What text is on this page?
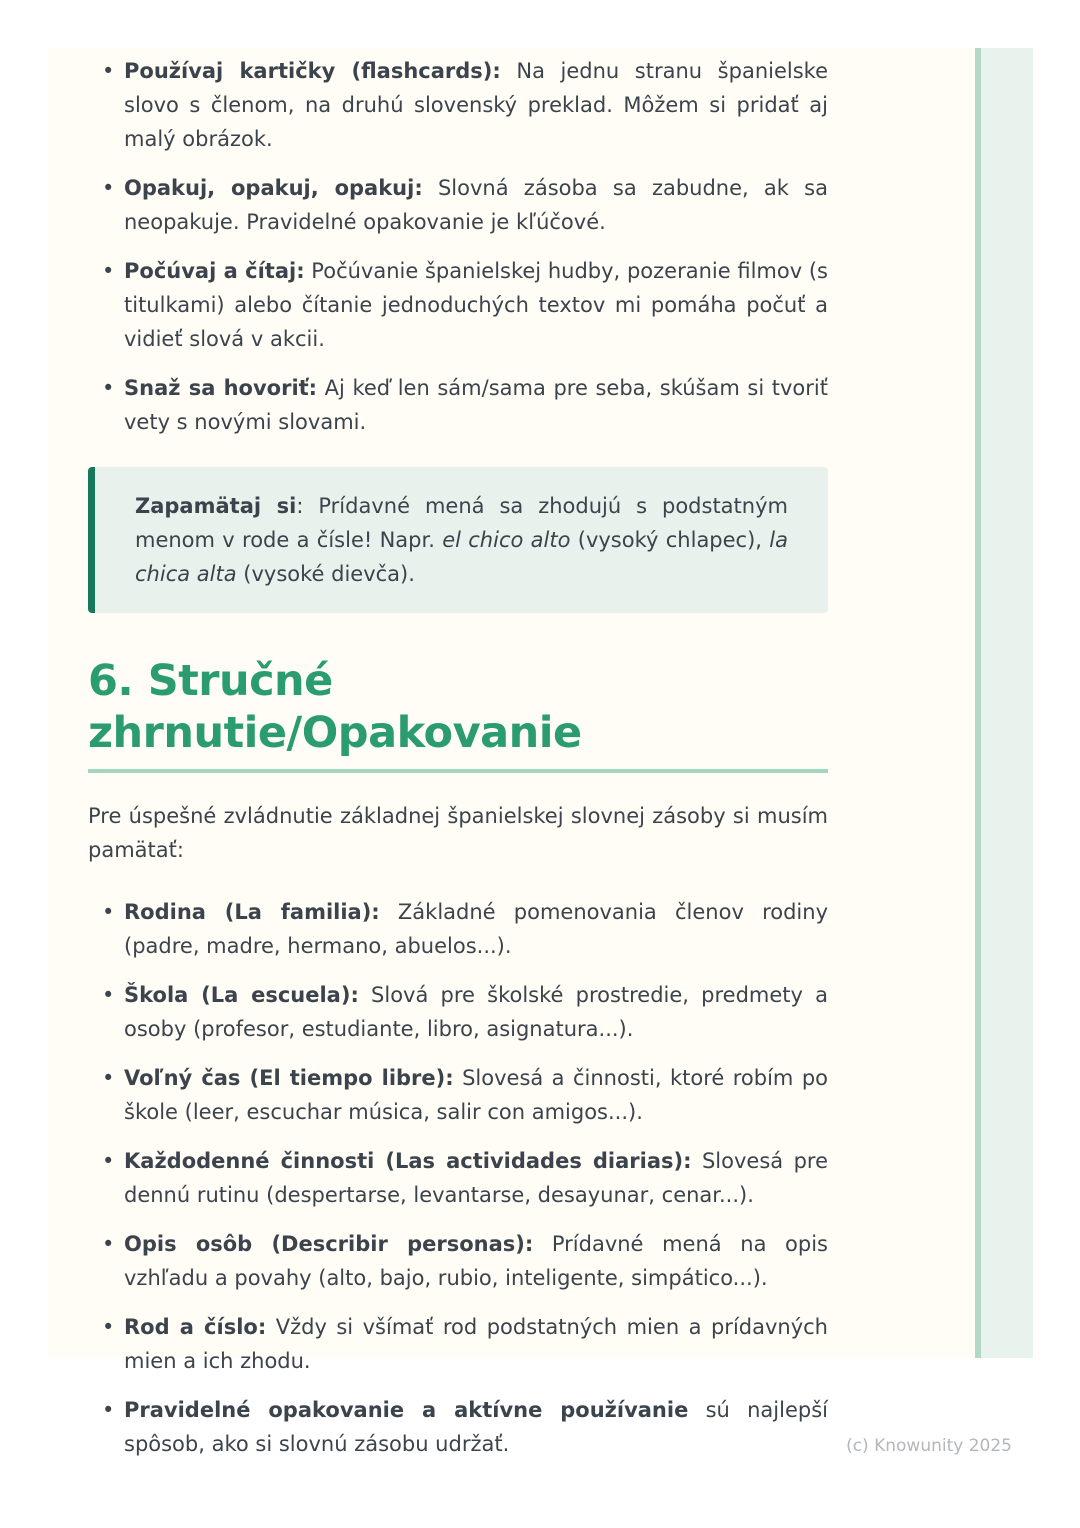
• Používaj kartičky (flashcards): Na jednu stranu španielske slovo s členom, na druhú slovenský preklad. Môžem si pridať aj malý obrázok.
• Opakuj, opakuj, opakuj: Slovná zásoba sa zabudne, ak sa neopakuje. Pravidelné opakovanie je kľúčové.
• Počúvaj a čítaj: Počúvanie španielskej hudby, pozeranie filmov (s titulkami) alebo čítanie jednoduchých textov mi pomáha počuť a vidieť slová v akcii.
• Snaž sa hovoriť: Aj keď len sám/sama pre seba, skúšam si tvoriť vety s novými slovami.

Zapamätaj si: Prídavné mená sa zhodujú s podstatným menom v rode a čísle! Napr. el chico alto (vysoký chlapec), la chica alta (vysoké dievča).

6. Stručné zhrnutie/Opakovanie

Pre úspešné zvládnutie základnej španielskej slovnej zásoby si musím pamätať:

• Rodina (La familia): Základné pomenovania členov rodiny (padre, madre, hermano, abuelos...).
• Škola (La escuela): Slová pre školské prostredie, predmety a osoby (profesor, estudiante, libro, asignatura...).
• Voľný čas (El tiempo libre): Slovesá a činnosti, ktoré robím po škole (leer, escuchar música, salir con amigos...).
• Každodenné činnosti (Las actividades diarias): Slovesá pre dennú rutinu (despertarse, levantarse, desayunar, cenar...).
• Opis osôb (Describir personas): Prídavné mená na opis vzhľadu a povahy (alto, bajo, rubio, inteligente, simpático...).
• Rod a číslo: Vždy si všímať rod podstatných mien a prídavných mien a ich zhodu.
• Pravidelné opakovanie a aktívne používanie sú najlepší spôsob, ako si slovnú zásobu udržať.	(c) Knowunity 2025
